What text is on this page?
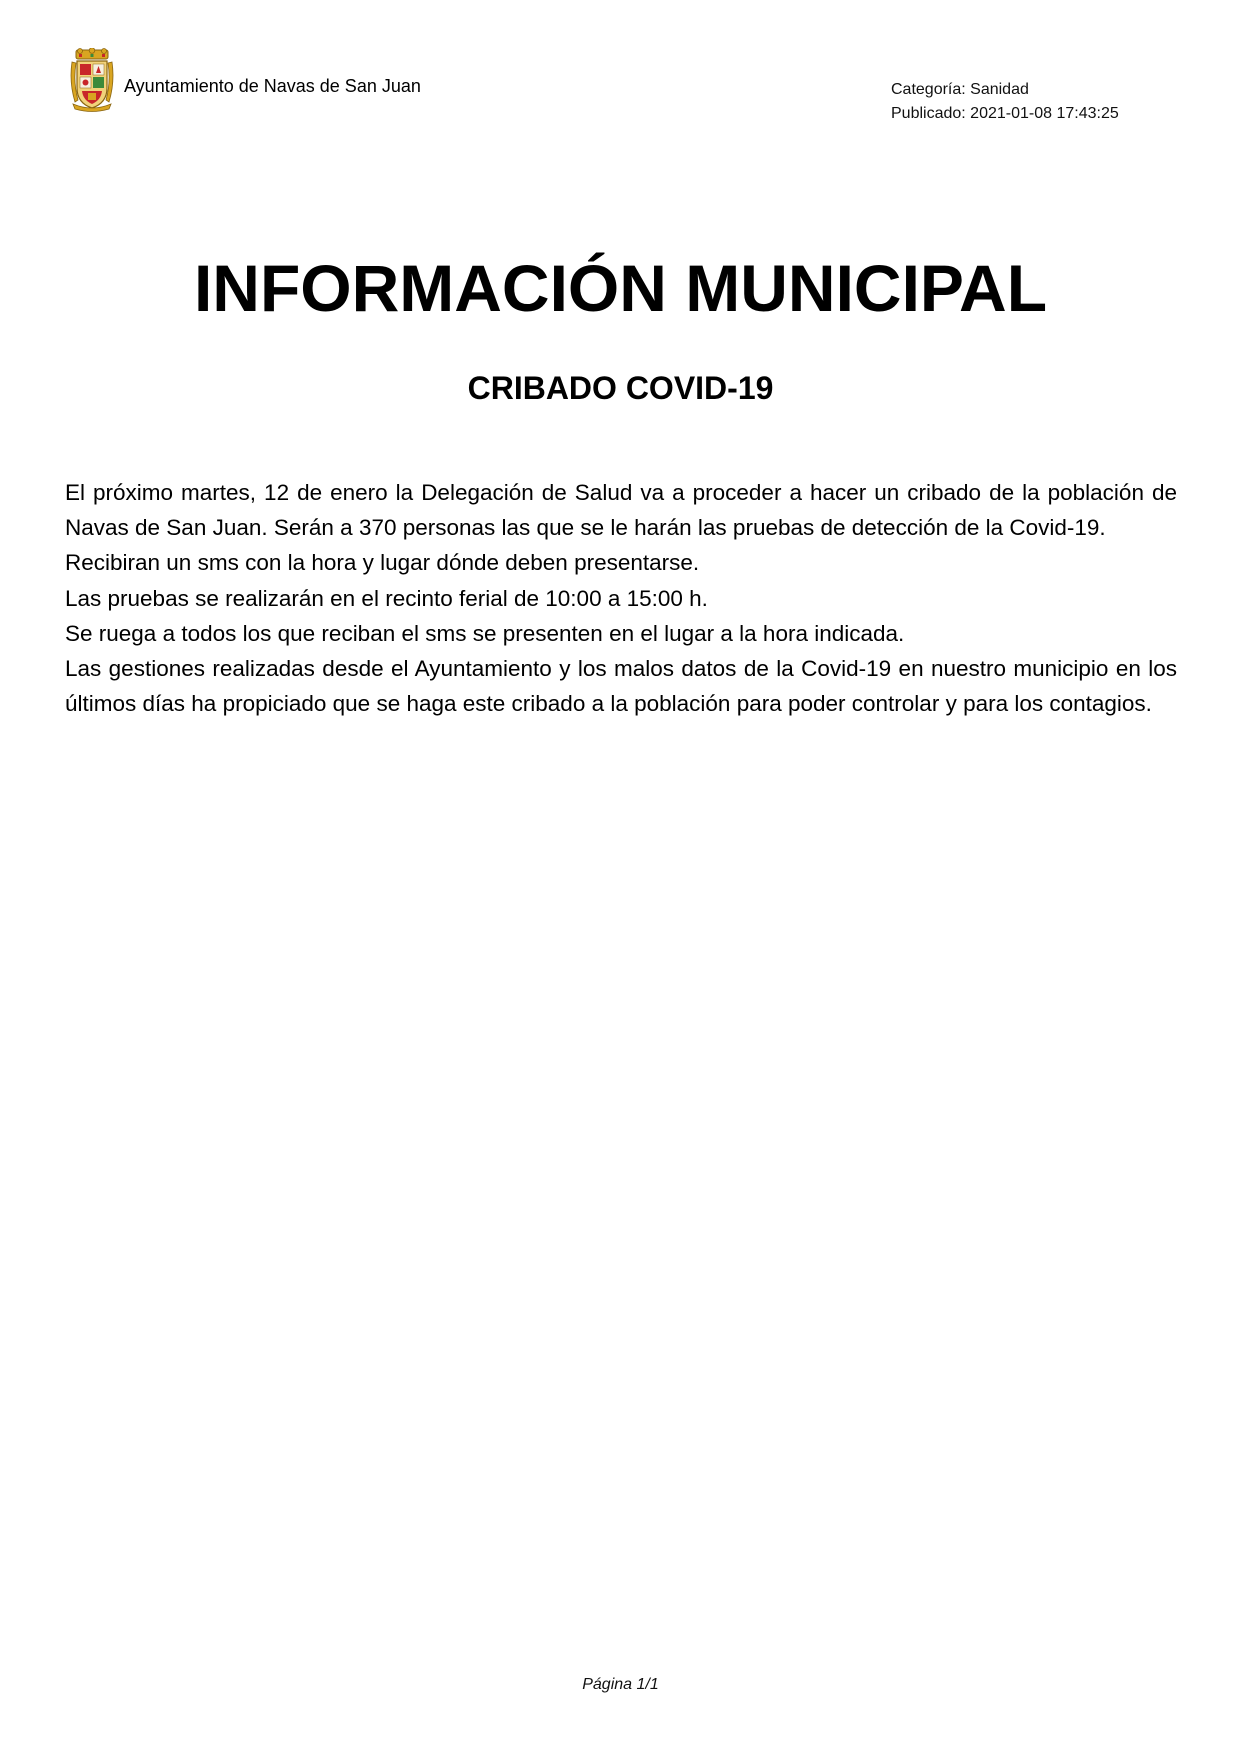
Ayuntamiento de Navas de San Juan	Categoría: Sanidad
Publicado: 2021-01-08 17:43:25
INFORMACIÓN MUNICIPAL
CRIBADO COVID-19

El próximo martes, 12 de enero la Delegación de Salud va a proceder a hacer un cribado de la población de Navas de San Juan. Serán a 370 personas las que se le harán las pruebas de detección de la Covid-19.

Recibiran un sms con la hora y lugar dónde deben presentarse.

Las pruebas se realizarán en el recinto ferial de 10:00 a 15:00 h.

Se ruega a todos los que reciban el sms se presenten en el lugar a la hora indicada.

Las gestiones realizadas desde el Ayuntamiento y los malos datos de la Covid-19 en nuestro municipio en los últimos días ha propiciado que se haga este cribado a la población para poder controlar y para los contagios.

Página 1/1
